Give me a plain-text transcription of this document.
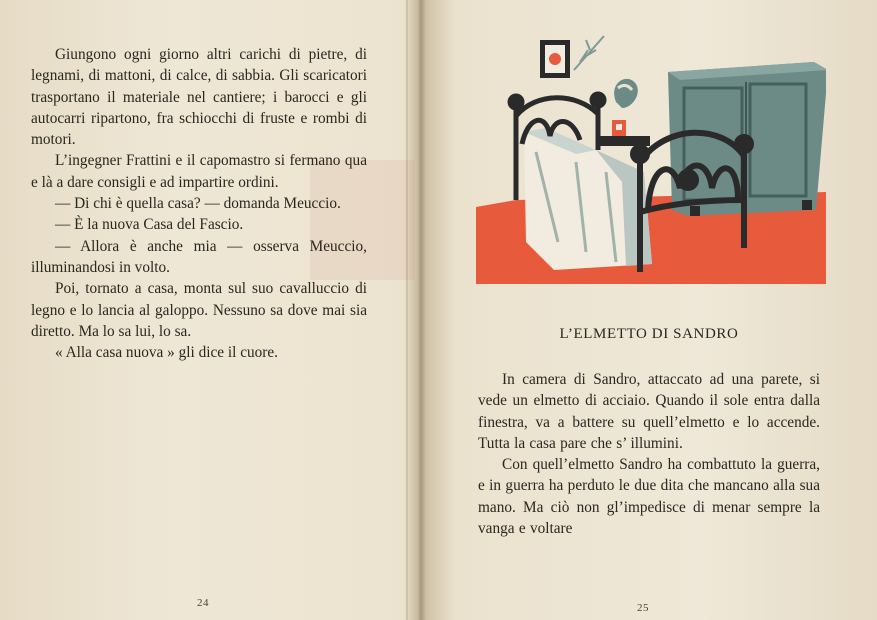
Giungono ogni giorno altri carichi di pietre, di legnami, di mattoni, di calce, di sabbia. Gli scaricatori trasportano il materiale nel cantiere; i barocci e gli autocarri ripartono, fra schiocchi di fruste e rombi di motori.

L’ingegner Frattini e il capomastro si fermano qua e là a dare consigli e ad impartire ordini.

— Di chi è quella casa? — domanda Meuccio.

— È la nuova Casa del Fascio.

— Allora è anche mia — osserva Meuccio, illuminandosi in volto.

Poi, tornato a casa, monta sul suo cavalluccio di legno e lo lancia al galoppo. Nessuno sa dove mai sia diretto. Ma lo sa lui, lo sa.

« Alla casa nuova » gli dice il cuore.

24
L’ELMETTO DI SANDRO

In camera di Sandro, attaccato ad una parete, si vede un elmetto di acciaio. Quando il sole entra dalla finestra, va a battere su quell’elmetto e lo accende. Tutta la casa pare che s’ illumini.

Con quell’elmetto Sandro ha combattuto la guerra, e in guerra ha perduto le due dita che mancano alla sua mano. Ma ciò non gl’impedisce di menar sempre la vanga e voltare

25
